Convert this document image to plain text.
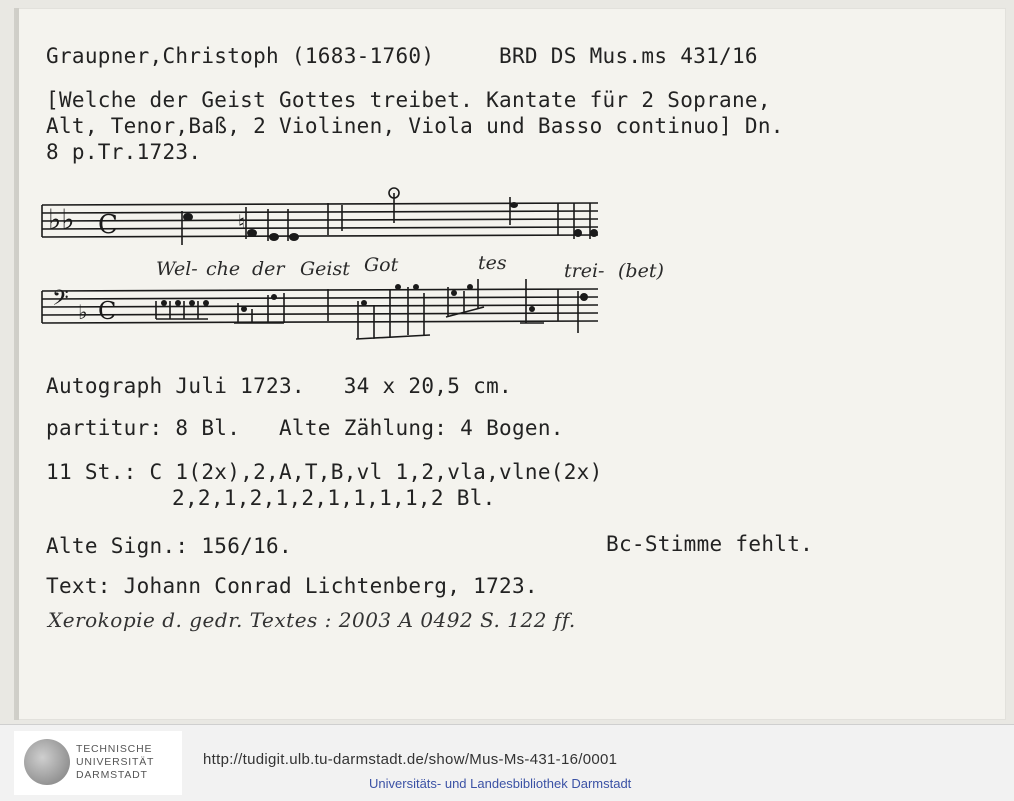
Graupner,Christoph (1683-1760)     BRD DS Mus.ms 431/16
[Welche der Geist Gottes treibet. Kantate für 2 Soprane,
Alt, Tenor,Baß, 2 Violinen, Viola und Basso continuo] Dn.
8 p.Tr.1723.
♭♭ C
𝄢 ♭ C
♮
Wel- che der Geist Got	tes	trei- (bet)
Autograph Juli 1723.   34 x 20,5 cm.
partitur: 8 Bl.   Alte Zählung: 4 Bogen.
11 St.: C 1(2x),2,A,T,B,vl 1,2,vla,vlne(2x)
2,2,1,2,1,2,1,1,1,1,2 Bl.
Alte Sign.: 156/16.	Bc-Stimme fehlt.
Text: Johann Conrad Lichtenberg, 1723.
Xerokopie d. gedr. Textes : 2003 A 0492 S. 122 ff.
TECHNISCHE
UNIVERSITÄT
DARMSTADT
http://tudigit.ulb.tu-darmstadt.de/show/Mus-Ms-431-16/0001
Universitäts- und Landesbibliothek Darmstadt
